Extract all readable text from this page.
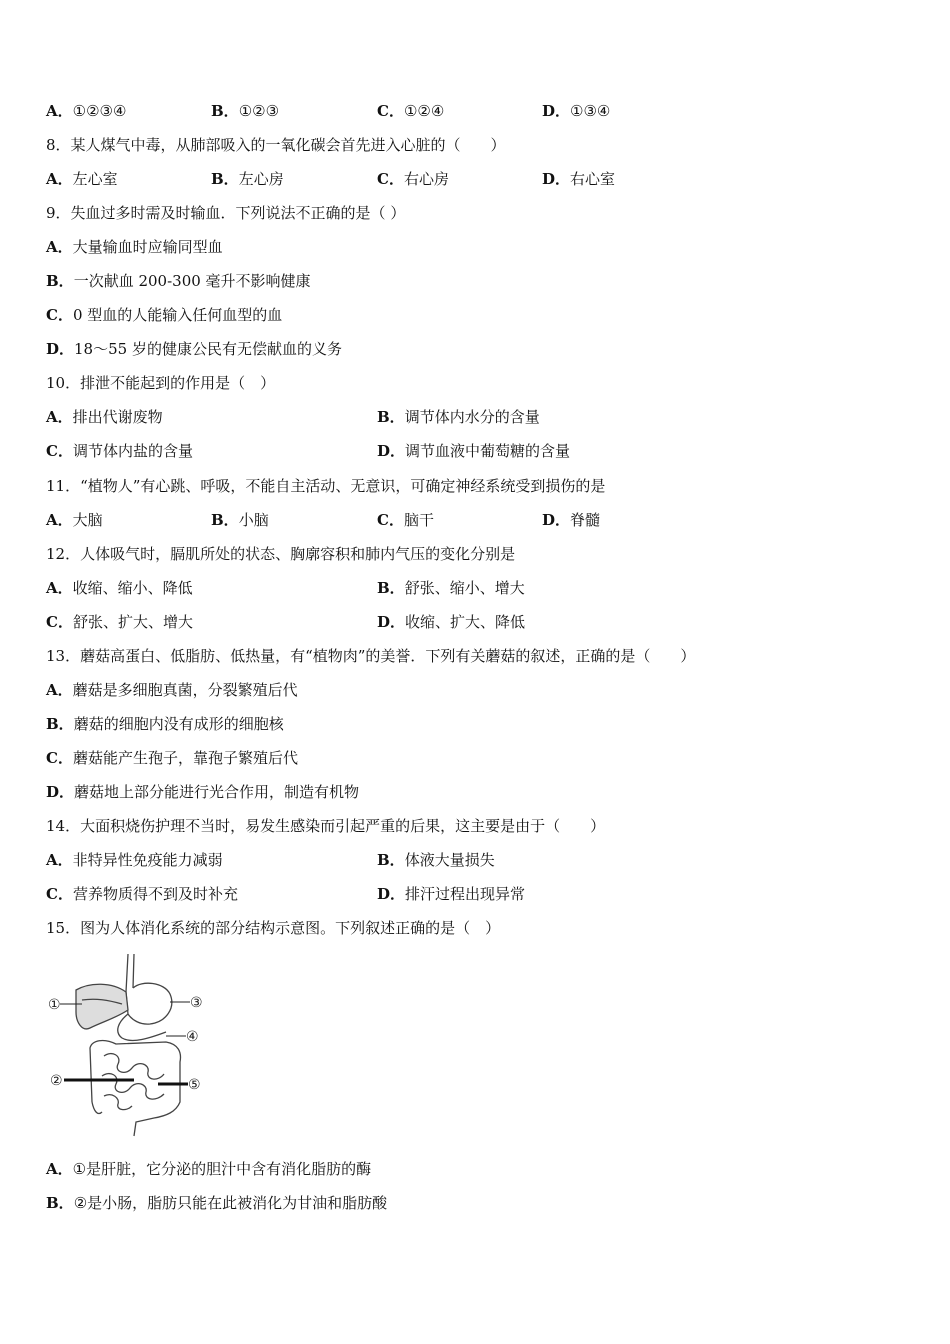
A．①②③④	B．①②③	C．①②④	D．①③④
8．某人煤气中毒，从肺部吸入的一氧化碳会首先进入心脏的（　　）
A．左心室	B．左心房	C．右心房	D．右心室
9．失血过多时需及时输血．下列说法不正确的是（ ）
A．大量输血时应输同型血
B．一次献血 200-300 毫升不影响健康
C．0 型血的人能输入任何血型的血
D．18～55 岁的健康公民有无偿献血的义务
10．排泄不能起到的作用是（　）
A．排出代谢废物	B．调节体内水分的含量
C．调节体内盐的含量	D．调节血液中葡萄糖的含量
11．“植物人”有心跳、呼吸，不能自主活动、无意识，可确定神经系统受到损伤的是
A．大脑	B．小脑	C．脑干	D．脊髓
12．人体吸气时，膈肌所处的状态、胸廓容积和肺内气压的变化分别是
A．收缩、缩小、降低	B．舒张、缩小、增大
C．舒张、扩大、增大	D．收缩、扩大、降低
13．蘑菇高蛋白、低脂肪、低热量，有“植物肉”的美誉．下列有关蘑菇的叙述，正确的是（　　）
A．蘑菇是多细胞真菌，分裂繁殖后代
B．蘑菇的细胞内没有成形的细胞核
C．蘑菇能产生孢子，靠孢子繁殖后代
D．蘑菇地上部分能进行光合作用，制造有机物
14．大面积烧伤护理不当时，易发生感染而引起严重的后果，这主要是由于（　　）
A．非特异性免疫能力减弱	B．体液大量损失
C．营养物质得不到及时补充	D．排汗过程出现异常
15．图为人体消化系统的部分结构示意图。下列叙述正确的是（　）
①
②
③
④
⑤
A．①是肝脏，它分泌的胆汁中含有消化脂肪的酶
B．②是小肠，脂肪只能在此被消化为甘油和脂肪酸
